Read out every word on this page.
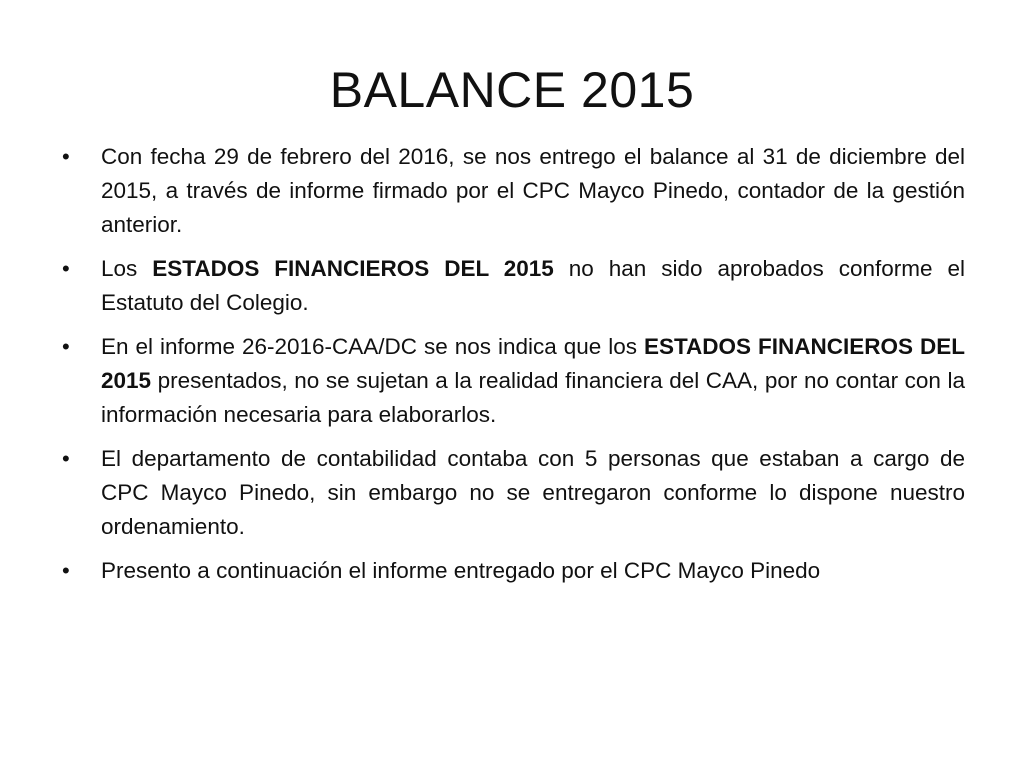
BALANCE 2015
• Con fecha 29 de febrero del 2016, se nos entrego el balance al 31 de diciembre del 2015, a través de informe firmado por el CPC Mayco Pinedo, contador de la gestión anterior.
• Los ESTADOS FINANCIEROS DEL 2015 no han sido aprobados conforme el Estatuto del Colegio.
• En el informe 26-2016-CAA/DC se nos indica que los ESTADOS FINANCIEROS DEL 2015 presentados, no se sujetan a la realidad financiera del CAA, por no contar con la información necesaria para elaborarlos.
• El departamento de contabilidad contaba con 5 personas que estaban a cargo de CPC Mayco Pinedo, sin embargo no se entregaron conforme lo dispone nuestro ordenamiento.
• Presento a continuación el informe entregado por el CPC Mayco Pinedo
